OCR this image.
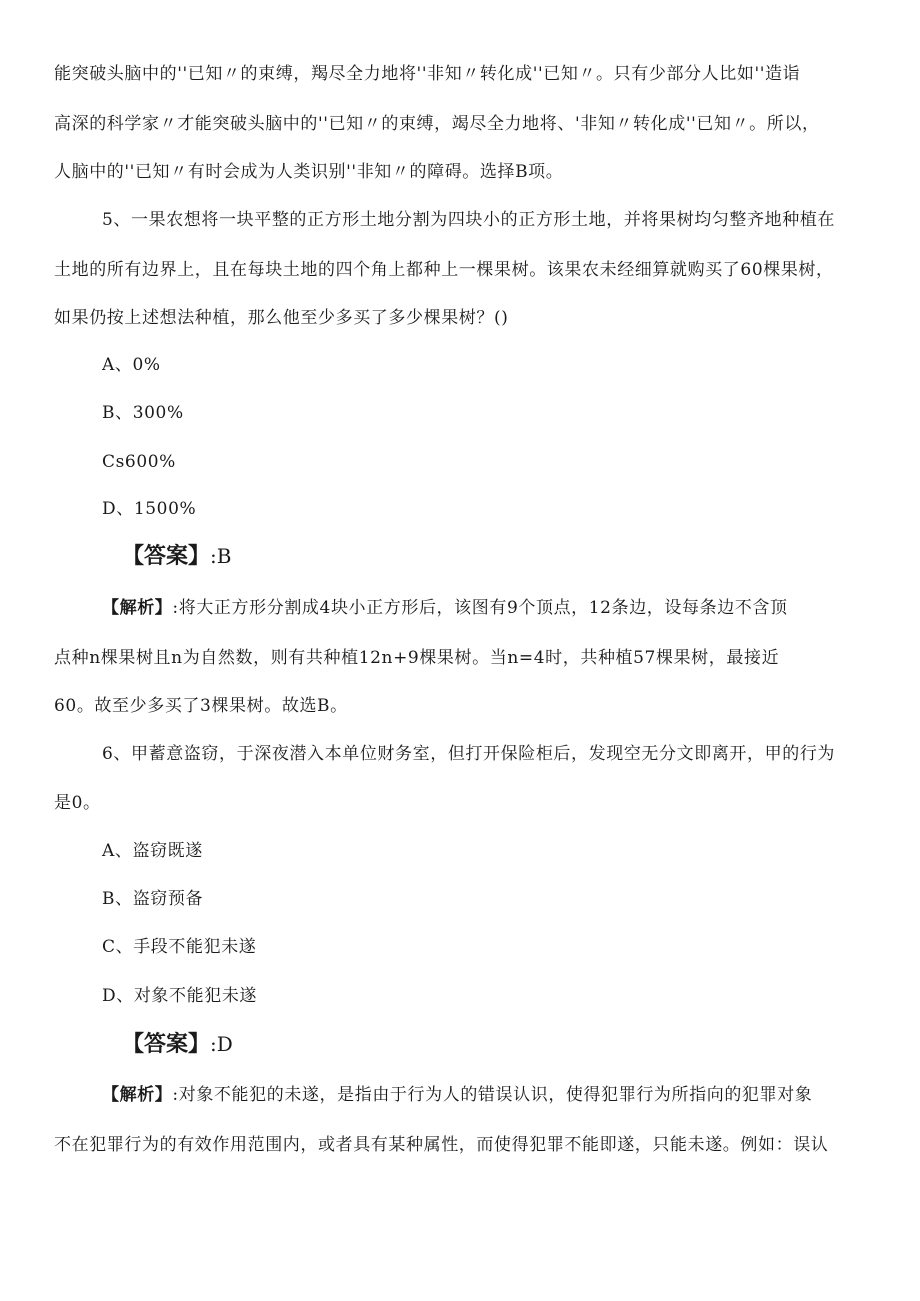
能突破头脑中的''已知〃的束缚，羯尽全力地将''非知〃转化成''已知〃。只有少部分人比如''造诣
高深的科学家〃才能突破头脑中的''已知〃的束缚，竭尽全力地将、'非知〃转化成''已知〃。所以，
人脑中的''已知〃有时会成为人类识别''非知〃的障碍。选择B项。
5、一果农想将一块平整的正方形土地分割为四块小的正方形土地，并将果树均匀整齐地种植在
土地的所有边界上，且在每块土地的四个角上都种上一棵果树。该果农未经细算就购买了60棵果树，
如果仍按上述想法种植，那么他至少多买了多少棵果树？()
A、0%
B、300%
Cs600%
D、1500%
【答案】:B
【解析】:将大正方形分割成4块小正方形后，该图有9个顶点，12条边，设每条边不含顶
点种n棵果树且n为自然数，则有共种植12n+9棵果树。当n=4时，共种植57棵果树，最接近
60。故至少多买了3棵果树。故选B。
6、甲蓄意盗窃，于深夜潜入本单位财务室，但打开保险柜后，发现空无分文即离开，甲的行为
是0。
A、盗窃既遂
B、盗窃预备
C、手段不能犯未遂
D、对象不能犯未遂
【答案】:D
【解析】:对象不能犯的未遂，是指由于行为人的错误认识，使得犯罪行为所指向的犯罪对象
不在犯罪行为的有效作用范围内，或者具有某种属性，而使得犯罪不能即遂，只能未遂。例如：误认
